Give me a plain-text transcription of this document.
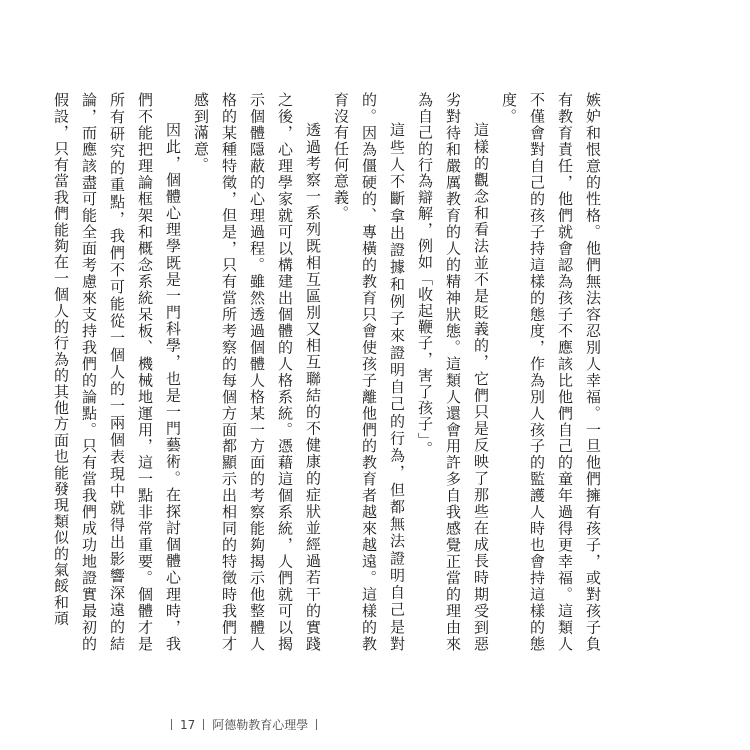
嫉妒和恨意的性格。他們無法容忍別人幸福。一旦他們擁有孩子，或對孩子負有教育責任，他們就會認為孩子不應該比他們自己的童年過得更幸福。這類人不僅會對自己的孩子持這樣的態度，作為別人孩子的監護人時也會持這樣的態度。

這樣的觀念和看法並不是貶義的，它們只是反映了那些在成長時期受到惡劣對待和嚴厲教育的人的精神狀態。這類人還會用許多自我感覺正當的理由來為自己的行為辯解，例如「收起鞭子，害了孩子」。

這些人不斷拿出證據和例子來證明自己的行為，但都無法證明自己是對的。因為僵硬的、專橫的教育只會使孩子離他們的教育者越來越遠。這樣的教育沒有任何意義。

透過考察一系列既相互區別又相互聯結的不健康的症狀並經過若干的實踐之後，心理學家就可以構建出個體的人格系統。憑藉這個系統，人們就可以揭示個體隱蔽的心理過程。雖然透過個體人格某一方面的考察能夠揭示他整體人格的某種特徵，但是，只有當所考察的每個方面都顯示出相同的特徵時我們才感到滿意。

因此，個體心理學既是一門科學，也是一門藝術。在探討個體心理時，我們不能把理論框架和概念系統呆板、機械地運用，這一點非常重要。個體才是所有研究的重點，我們不可能從一個人的一兩個表現中就得出影響深遠的結論，而應該盡可能全面考慮來支持我們的論點。只有當我們成功地證實最初的假設，只有當我們能夠在一個人的行為的其他方面也能發現類似的氣餒和頑

17 阿德勒教育心理學
